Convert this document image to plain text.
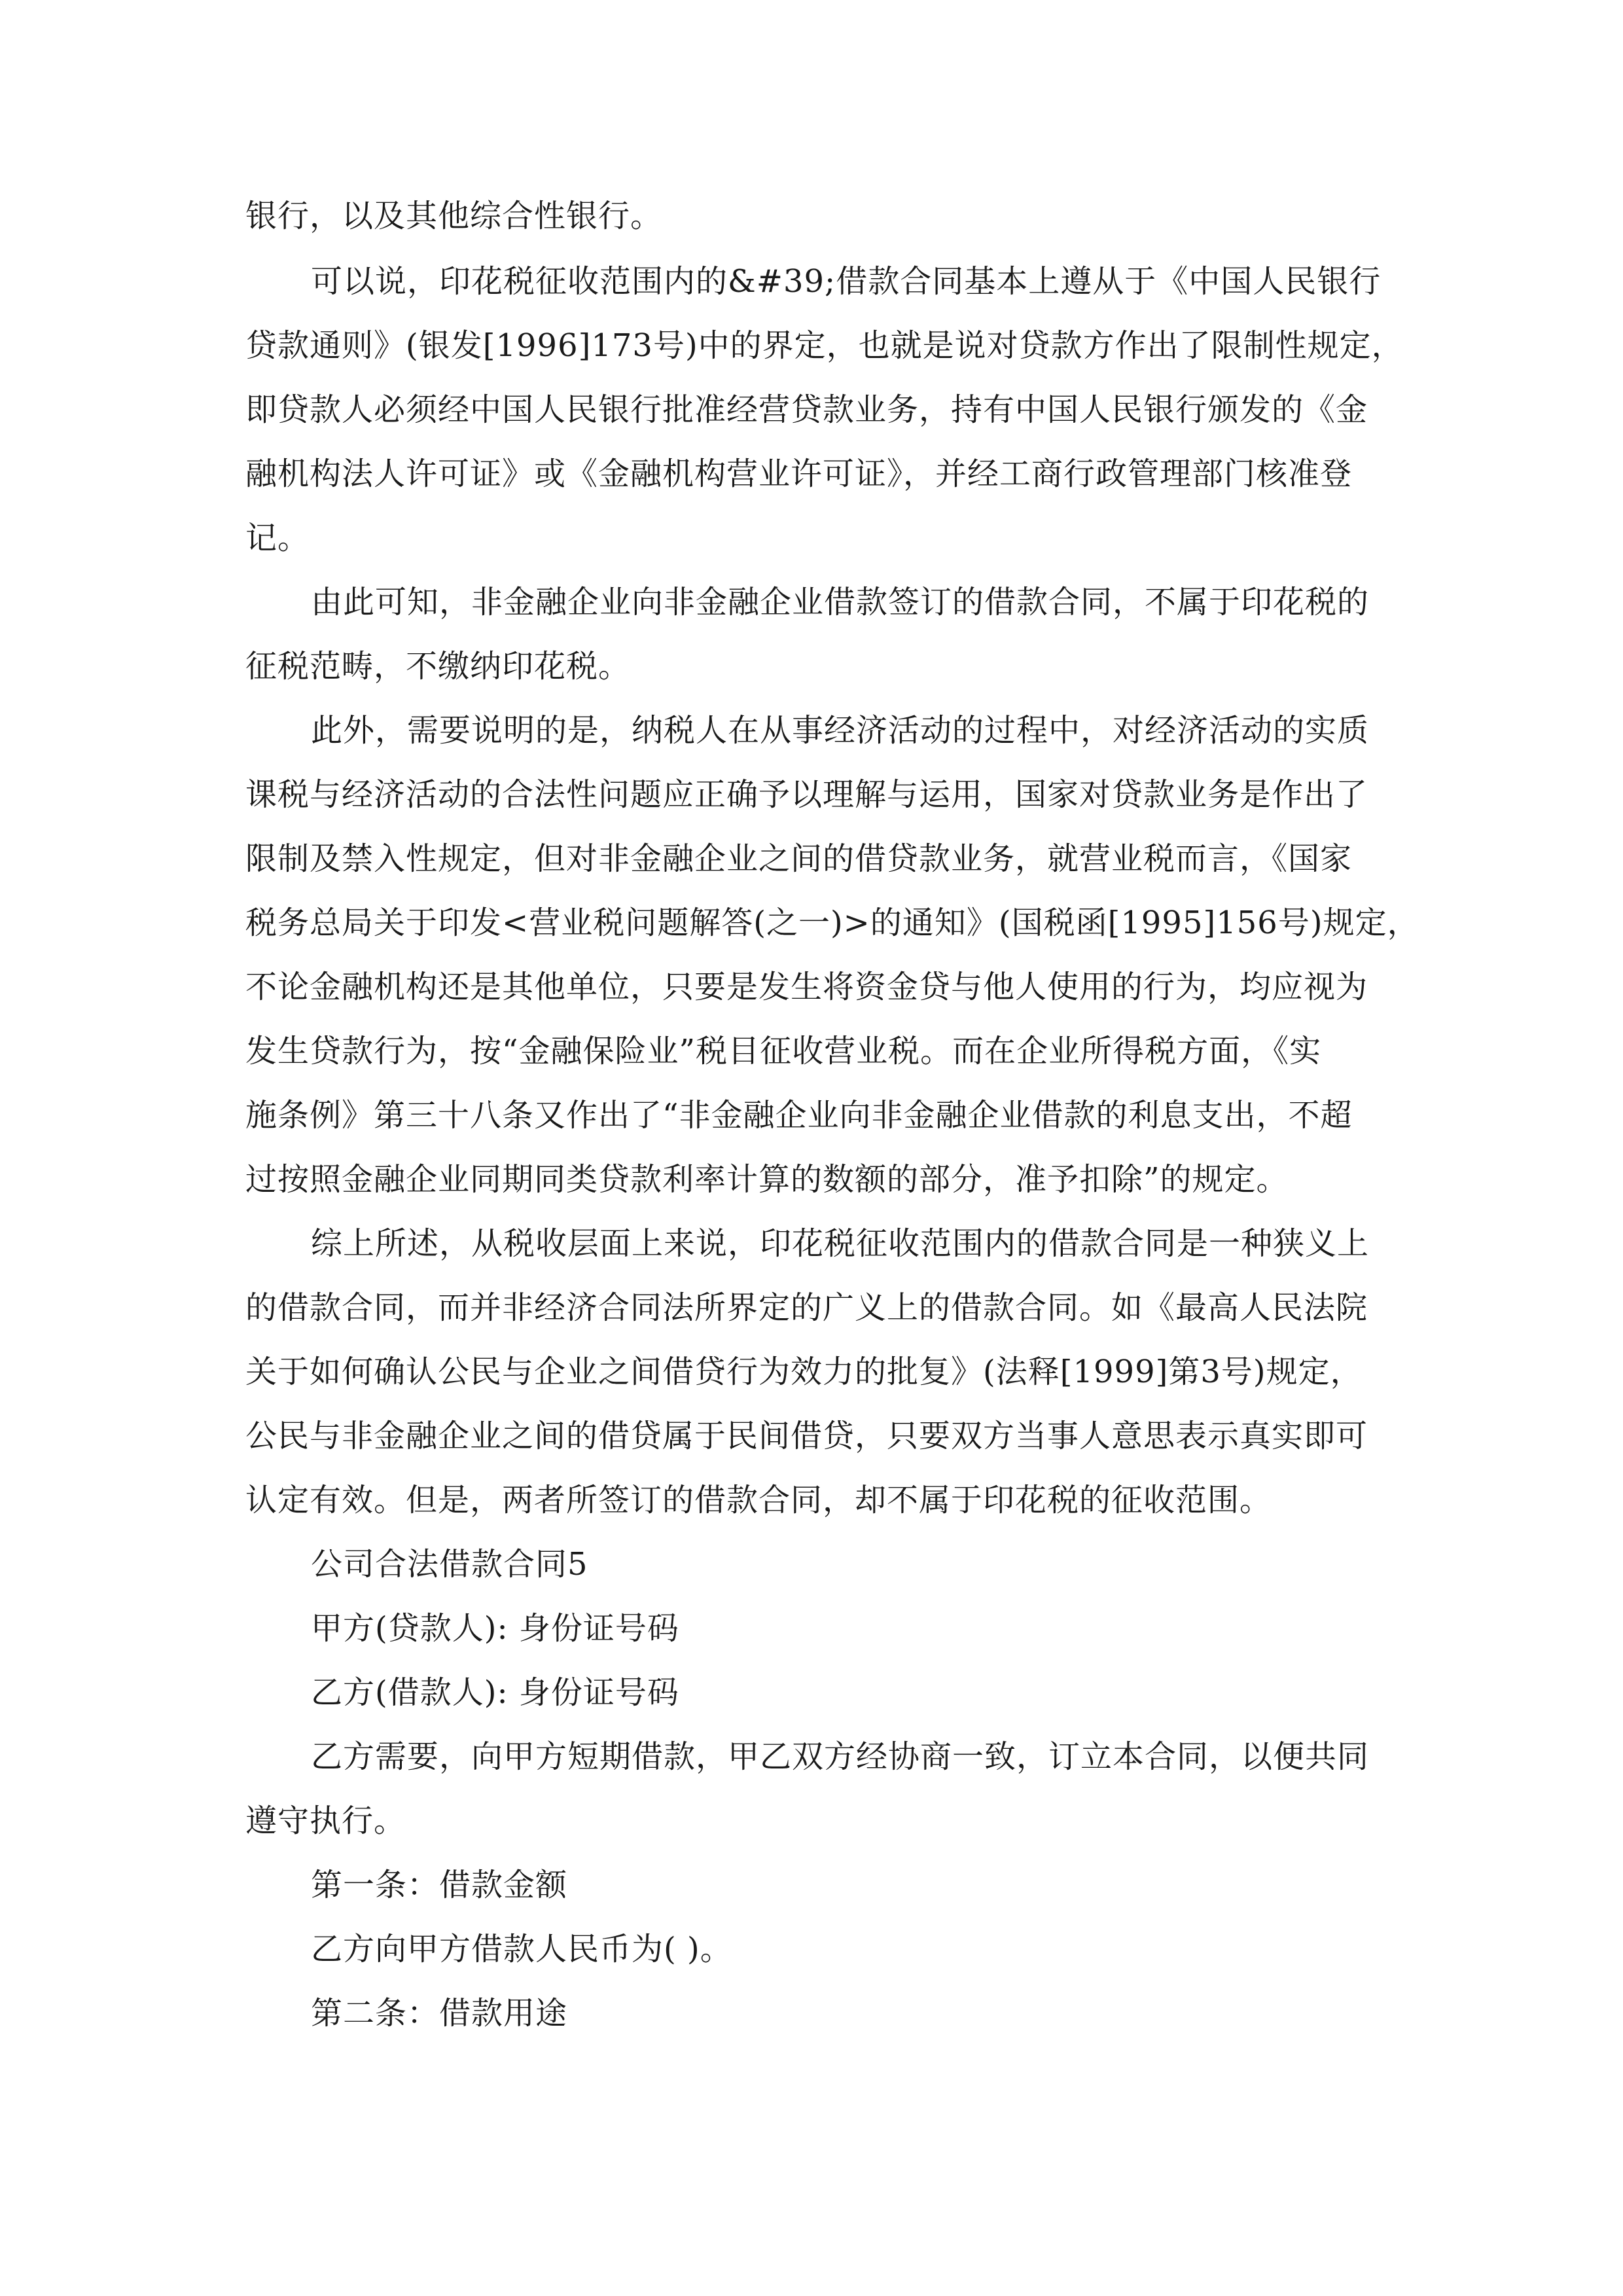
银行，以及其他综合性银行。
可以说，印花税征收范围内的&#39;借款合同基本上遵从于《中国人民银行
贷款通则》(银发[1996]173号)中的界定，也就是说对贷款方作出了限制性规定，
即贷款人必须经中国人民银行批准经营贷款业务，持有中国人民银行颁发的《金
融机构法人许可证》或《金融机构营业许可证》，并经工商行政管理部门核准登
记。
由此可知，非金融企业向非金融企业借款签订的借款合同，不属于印花税的
征税范畴，不缴纳印花税。
此外，需要说明的是，纳税人在从事经济活动的过程中，对经济活动的实质
课税与经济活动的合法性问题应正确予以理解与运用，国家对贷款业务是作出了
限制及禁入性规定，但对非金融企业之间的借贷款业务，就营业税而言，《国家
税务总局关于印发<营业税问题解答(之一)>的通知》(国税函[1995]156号)规定，
不论金融机构还是其他单位，只要是发生将资金贷与他人使用的行为，均应视为
发生贷款行为，按“金融保险业”税目征收营业税。而在企业所得税方面，《实
施条例》第三十八条又作出了“非金融企业向非金融企业借款的利息支出，不超
过按照金融企业同期同类贷款利率计算的数额的部分，准予扣除”的规定。
综上所述，从税收层面上来说，印花税征收范围内的借款合同是一种狭义上
的借款合同，而并非经济合同法所界定的广义上的借款合同。如《最高人民法院
关于如何确认公民与企业之间借贷行为效力的批复》(法释[1999]第3号)规定，
公民与非金融企业之间的借贷属于民间借贷，只要双方当事人意思表示真实即可
认定有效。但是，两者所签订的借款合同，却不属于印花税的征收范围。
公司合法借款合同5
甲方(贷款人): 身份证号码
乙方(借款人): 身份证号码
乙方需要，向甲方短期借款，甲乙双方经协商一致，订立本合同，以便共同
遵守执行。
第一条：借款金额
乙方向甲方借款人民币为( )。
第二条：借款用途
